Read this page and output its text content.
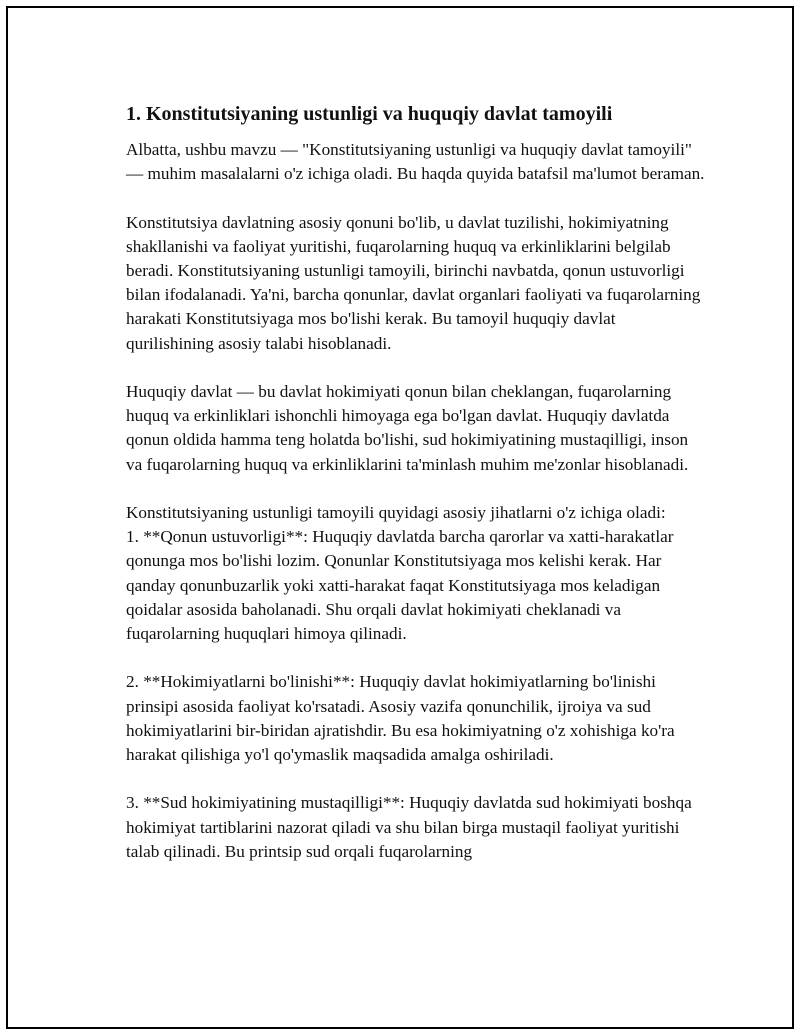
1. Konstitutsiyaning ustunligi va huquqiy davlat tamoyili

Albatta, ushbu mavzu — "Konstitutsiyaning ustunligi va huquqiy davlat tamoyili" — muhim masalalarni o'z ichiga oladi. Bu haqda quyida batafsil ma'lumot beraman.

Konstitutsiya davlatning asosiy qonuni bo'lib, u davlat tuzilishi, hokimiyatning shakllanishi va faoliyat yuritishi, fuqarolarning huquq va erkinliklarini belgilab beradi. Konstitutsiyaning ustunligi tamoyili, birinchi navbatda, qonun ustuvorligi bilan ifodalanadi. Ya'ni, barcha qonunlar, davlat organlari faoliyati va fuqarolarning harakati Konstitutsiyaga mos bo'lishi kerak. Bu tamoyil huquqiy davlat qurilishining asosiy talabi hisoblanadi.

Huquqiy davlat — bu davlat hokimiyati qonun bilan cheklangan, fuqarolarning huquq va erkinliklari ishonchli himoyaga ega bo'lgan davlat. Huquqiy davlatda qonun oldida hamma teng holatda bo'lishi, sud hokimiyatining mustaqilligi, inson va fuqarolarning huquq va erkinliklarini ta'minlash muhim me'zonlar hisoblanadi.

Konstitutsiyaning ustunligi tamoyili quyidagi asosiy jihatlarni o'z ichiga oladi:

1. **Qonun ustuvorligi**: Huquqiy davlatda barcha qarorlar va xatti-harakatlar qonunga mos bo'lishi lozim. Qonunlar Konstitutsiyaga mos kelishi kerak. Har qanday qonunbuzarlik yoki xatti-harakat faqat Konstitutsiyaga mos keladigan qoidalar asosida baholanadi. Shu orqali davlat hokimiyati cheklanadi va fuqarolarning huquqlari himoya qilinadi.

2. **Hokimiyatlarni bo'linishi**: Huquqiy davlat hokimiyatlarning bo'linishi prinsipi asosida faoliyat ko'rsatadi. Asosiy vazifa qonunchilik, ijroiya va sud hokimiyatlarini bir-biridan ajratishdir. Bu esa hokimiyatning o'z xohishiga ko'ra harakat qilishiga yo'l qo'ymaslik maqsadida amalga oshiriladi.

3. **Sud hokimiyatining mustaqilligi**: Huquqiy davlatda sud hokimiyati boshqa hokimiyat tartiblarini nazorat qiladi va shu bilan birga mustaqil faoliyat yuritishi talab qilinadi. Bu printsip sud orqali fuqarolarning
